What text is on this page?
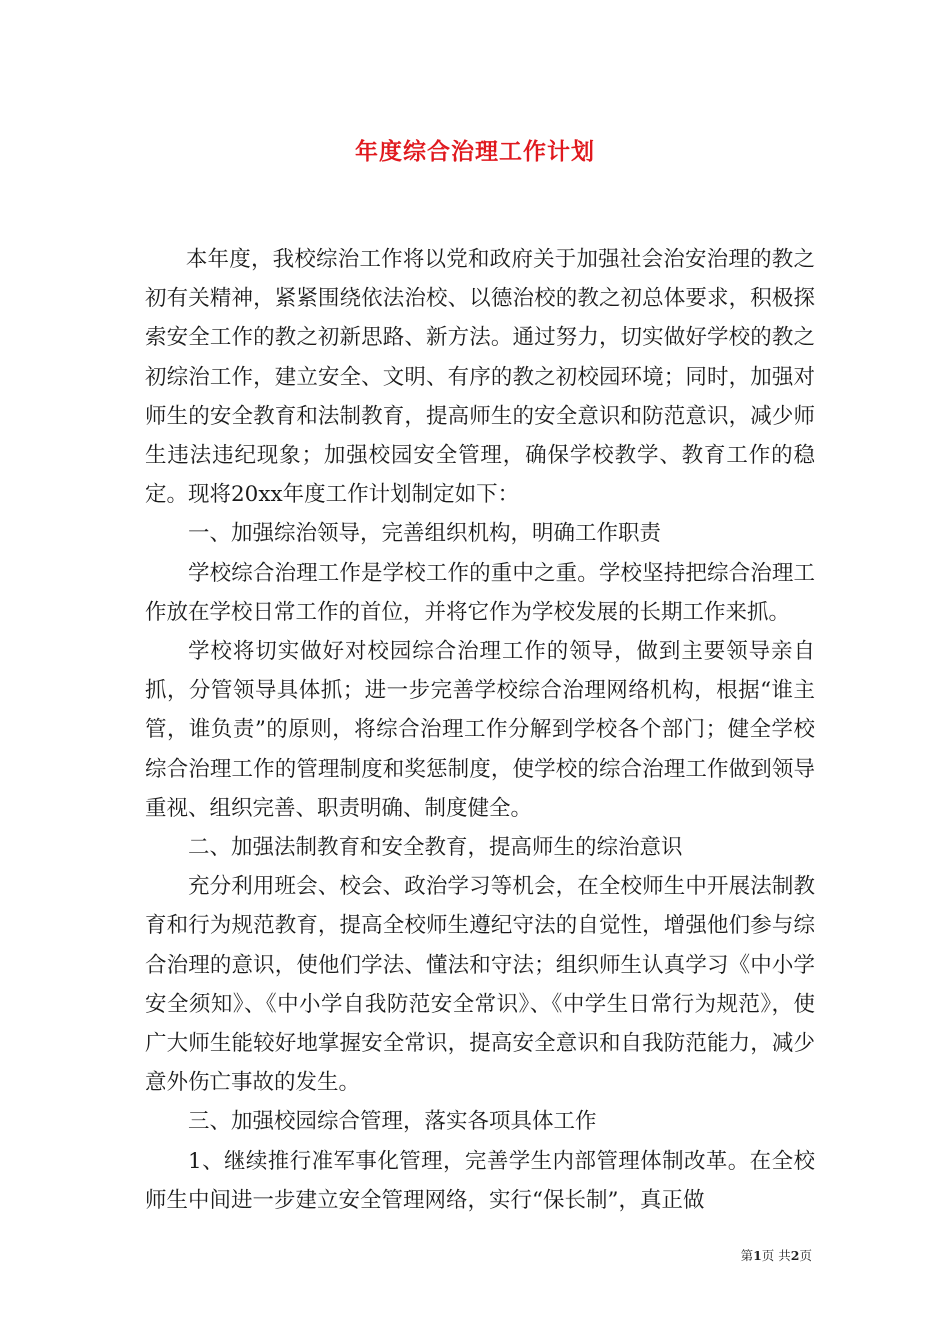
年度综合治理工作计划

本年度，我校综治工作将以党和政府关于加强社会治安治理的教之初有关精神，紧紧围绕依法治校、以德治校的教之初总体要求，积极探索安全工作的教之初新思路、新方法。通过努力，切实做好学校的教之初综治工作，建立安全、文明、有序的教之初校园环境；同时，加强对师生的安全教育和法制教育，提高师生的安全意识和防范意识，减少师生违法违纪现象；加强校园安全管理，确保学校教学、教育工作的稳定。现将20xx年度工作计划制定如下：

一、加强综治领导，完善组织机构，明确工作职责

学校综合治理工作是学校工作的重中之重。学校坚持把综合治理工作放在学校日常工作的首位，并将它作为学校发展的长期工作来抓。

学校将切实做好对校园综合治理工作的领导，做到主要领导亲自抓，分管领导具体抓；进一步完善学校综合治理网络机构，根据“谁主管，谁负责”的原则，将综合治理工作分解到学校各个部门；健全学校综合治理工作的管理制度和奖惩制度，使学校的综合治理工作做到领导重视、组织完善、职责明确、制度健全。

二、加强法制教育和安全教育，提高师生的综治意识

充分利用班会、校会、政治学习等机会，在全校师生中开展法制教育和行为规范教育，提高全校师生遵纪守法的自觉性，增强他们参与综合治理的意识，使他们学法、懂法和守法；组织师生认真学习《中小学安全须知》、《中小学自我防范安全常识》、《中学生日常行为规范》，使广大师生能较好地掌握安全常识，提高安全意识和自我防范能力，减少意外伤亡事故的发生。

三、加强校园综合管理，落实各项具体工作

1、继续推行准军事化管理，完善学生内部管理体制改革。在全校师生中间进一步建立安全管理网络，实行“保长制”，真正做

第1页 共2页
